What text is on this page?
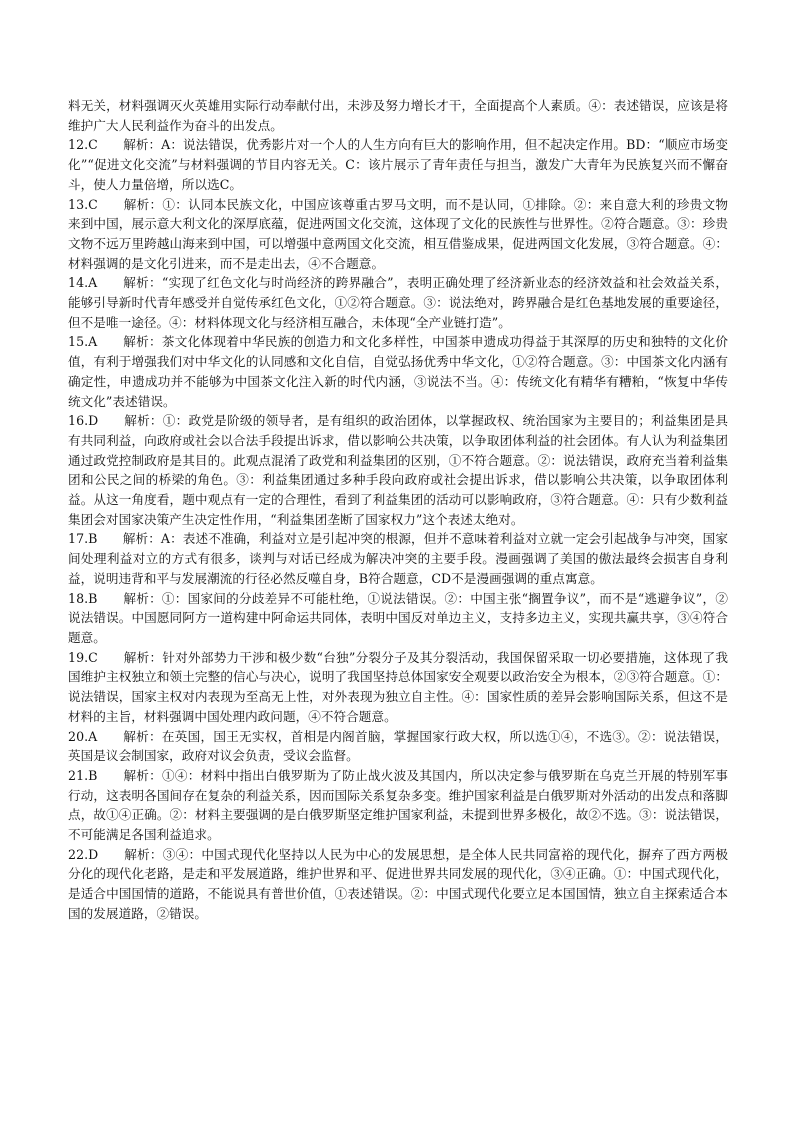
料无关，材料强调灭火英雄用实际行动奉献付出，未涉及努力增长才干，全面提高个人素质。④：表述错误，应该是将维护广大人民利益作为奋斗的出发点。

12.C　　解析：A：说法错误，优秀影片对一个人的人生方向有巨大的影响作用，但不起决定作用。BD：“顺应市场变化”“促进文化交流”与材料强调的节目内容无关。C：该片展示了青年责任与担当，激发广大青年为民族复兴而不懈奋斗，使人力量倍增，所以选C。

13.C　　解析：①：认同本民族文化，中国应该尊重古罗马文明，而不是认同，①排除。②：来自意大利的珍贵文物来到中国，展示意大利文化的深厚底蕴，促进两国文化交流，这体现了文化的民族性与世界性。②符合题意。③：珍贵文物不远万里跨越山海来到中国，可以增强中意两国文化交流，相互借鉴成果，促进两国文化发展，③符合题意。④：材料强调的是文化引进来，而不是走出去，④不合题意。

14.A　　解析：“实现了红色文化与时尚经济的跨界融合”，表明正确处理了经济新业态的经济效益和社会效益关系，能够引导新时代青年感受并自觉传承红色文化，①②符合题意。③：说法绝对，跨界融合是红色基地发展的重要途径，但不是唯一途径。④：材料体现文化与经济相互融合，未体现“全产业链打造”。

15.A　　解析：茶文化体现着中华民族的创造力和文化多样性，中国茶申遗成功得益于其深厚的历史和独特的文化价值，有利于增强我们对中华文化的认同感和文化自信，自觉弘扬优秀中华文化，①②符合题意。③：中国茶文化内涵有确定性，申遗成功并不能够为中国茶文化注入新的时代内涵，③说法不当。④：传统文化有精华有糟粕，“恢复中华传统文化”表述错误。

16.D　　解析：①：政党是阶级的领导者，是有组织的政治团体，以掌握政权、统治国家为主要目的；利益集团是具有共同利益，向政府或社会以合法手段提出诉求，借以影响公共决策，以争取团体利益的社会团体。有人认为利益集团通过政党控制政府是其目的。此观点混淆了政党和利益集团的区别，①不符合题意。②：说法错误，政府充当着利益集团和公民之间的桥梁的角色。③：利益集团通过多种手段向政府或社会提出诉求，借以影响公共决策，以争取团体利益。从这一角度看，题中观点有一定的合理性，看到了利益集团的活动可以影响政府，③符合题意。④：只有少数利益集团会对国家决策产生决定性作用，“利益集团垄断了国家权力”这个表述太绝对。

17.B　　解析：A：表述不准确，利益对立是引起冲突的根源，但并不意味着利益对立就一定会引起战争与冲突，国家间处理利益对立的方式有很多，谈判与对话已经成为解决冲突的主要手段。漫画强调了美国的傲法最终会损害自身利益，说明违背和平与发展潮流的行径必然反噬自身，B符合题意，CD不是漫画强调的重点寓意。

18.B　　解析：①：国家间的分歧差异不可能杜绝，①说法错误。②：中国主张“搁置争议”，而不是“逃避争议”，②说法错误。中国愿同阿方一道构建中阿命运共同体，表明中国反对单边主义，支持多边主义，实现共赢共享，③④符合题意。

19.C　　解析：针对外部势力干涉和极少数“台独”分裂分子及其分裂活动，我国保留采取一切必要措施，这体现了我国维护主权独立和领土完整的信心与决心，说明了我国坚持总体国家安全观要以政治安全为根本，②③符合题意。①：说法错误，国家主权对内表现为至高无上性，对外表现为独立自主性。④：国家性质的差异会影响国际关系，但这不是材料的主旨，材料强调中国处理内政问题，④不符合题意。

20.A　　解析：在英国，国王无实权，首相是内阁首脑，掌握国家行政大权，所以选①④，不选③。②：说法错误，英国是议会制国家，政府对议会负责，受议会监督。

21.B　　解析：①④：材料中指出白俄罗斯为了防止战火波及其国内，所以决定参与俄罗斯在乌克兰开展的特别军事行动，这表明各国间存在复杂的利益关系，因而国际关系复杂多变。维护国家利益是白俄罗斯对外活动的出发点和落脚点，故①④正确。②：材料主要强调的是白俄罗斯坚定维护国家利益，未提到世界多极化，故②不选。③：说法错误，不可能满足各国利益追求。

22.D　　解析：③④：中国式现代化坚持以人民为中心的发展思想，是全体人民共同富裕的现代化，摒弃了西方两极分化的现代化老路，是走和平发展道路，维护世界和平、促进世界共同发展的现代化，③④正确。①：中国式现代化，是适合中国国情的道路，不能说具有普世价值，①表述错误。②：中国式现代化要立足本国国情，独立自主探索适合本国的发展道路，②错误。
